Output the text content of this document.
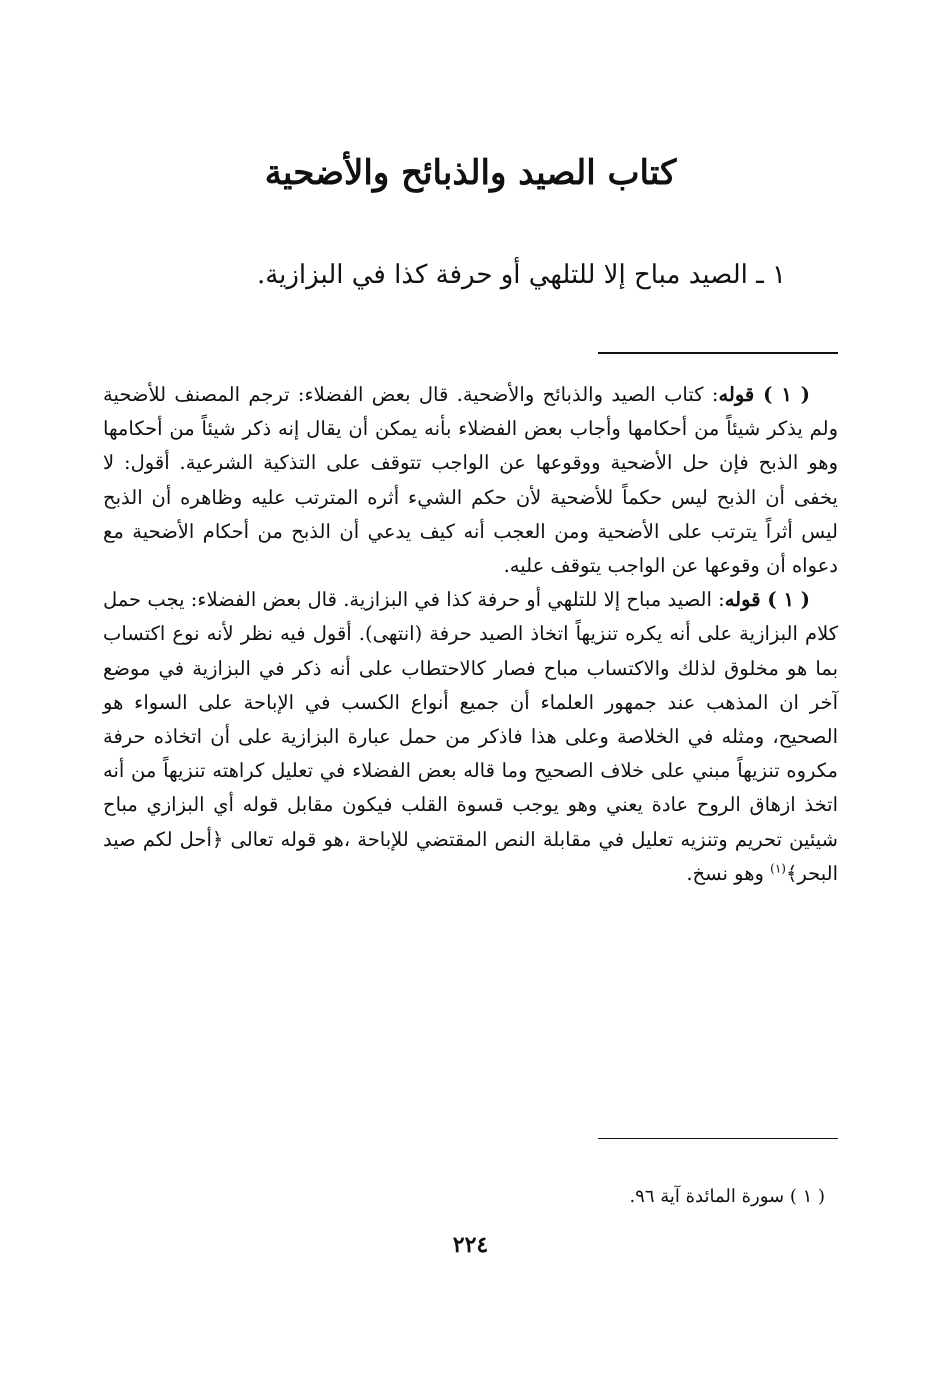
كتاب الصيد والذبائح والأضحية

١ ـ الصيد مباح إلا للتلهي أو حرفة كذا في البزازية.

( ١ ) قوله: كتاب الصيد والذبائح والأضحية. قال بعض الفضلاء: ترجم المصنف للأضحية ولم يذكر شيئاً من أحكامها وأجاب بعض الفضلاء بأنه يمكن أن يقال إنه ذكر شيئاً من أحكامها وهو الذبح فإن حل الأضحية ووقوعها عن الواجب تتوقف على التذكية الشرعية. أقول: لا يخفى أن الذبح ليس حكماً للأضحية لأن حكم الشيء أثره المترتب عليه وظاهره أن الذبح ليس أثراً يترتب على الأضحية ومن العجب أنه كيف يدعي أن الذبح من أحكام الأضحية مع دعواه أن وقوعها عن الواجب يتوقف عليه.

( ١ ) قوله: الصيد مباح إلا للتلهي أو حرفة كذا في البزازية. قال بعض الفضلاء: يجب حمل كلام البزازية على أنه يكره تنزيهاً اتخاذ الصيد حرفة (انتهى). أقول فيه نظر لأنه نوع اكتساب بما هو مخلوق لذلك والاكتساب مباح فصار كالاحتطاب على أنه ذكر في البزازية في موضع آخر ان المذهب عند جمهور العلماء أن جميع أنواع الكسب في الإباحة على السواء هو الصحيح، ومثله في الخلاصة وعلى هذا فاذكر من حمل عبارة البزازية على أن اتخاذه حرفة مكروه تنزيهاً مبني على خلاف الصحيح وما قاله بعض الفضلاء في تعليل كراهته تنزيهاً من أنه اتخذ ازهاق الروح عادة يعني وهو يوجب قسوة القلب فيكون مقابل قوله أي البزازي مباح شيئين تحريم وتنزيه تعليل في مقابلة النص المقتضي للإباحة ،هو قوله تعالى ﴿أحل لكم صيد البحر﴾$^{(١)}$ وهو نسخ.

( ١ ) سورة المائدة آية ٩٦.

٢٢٤
